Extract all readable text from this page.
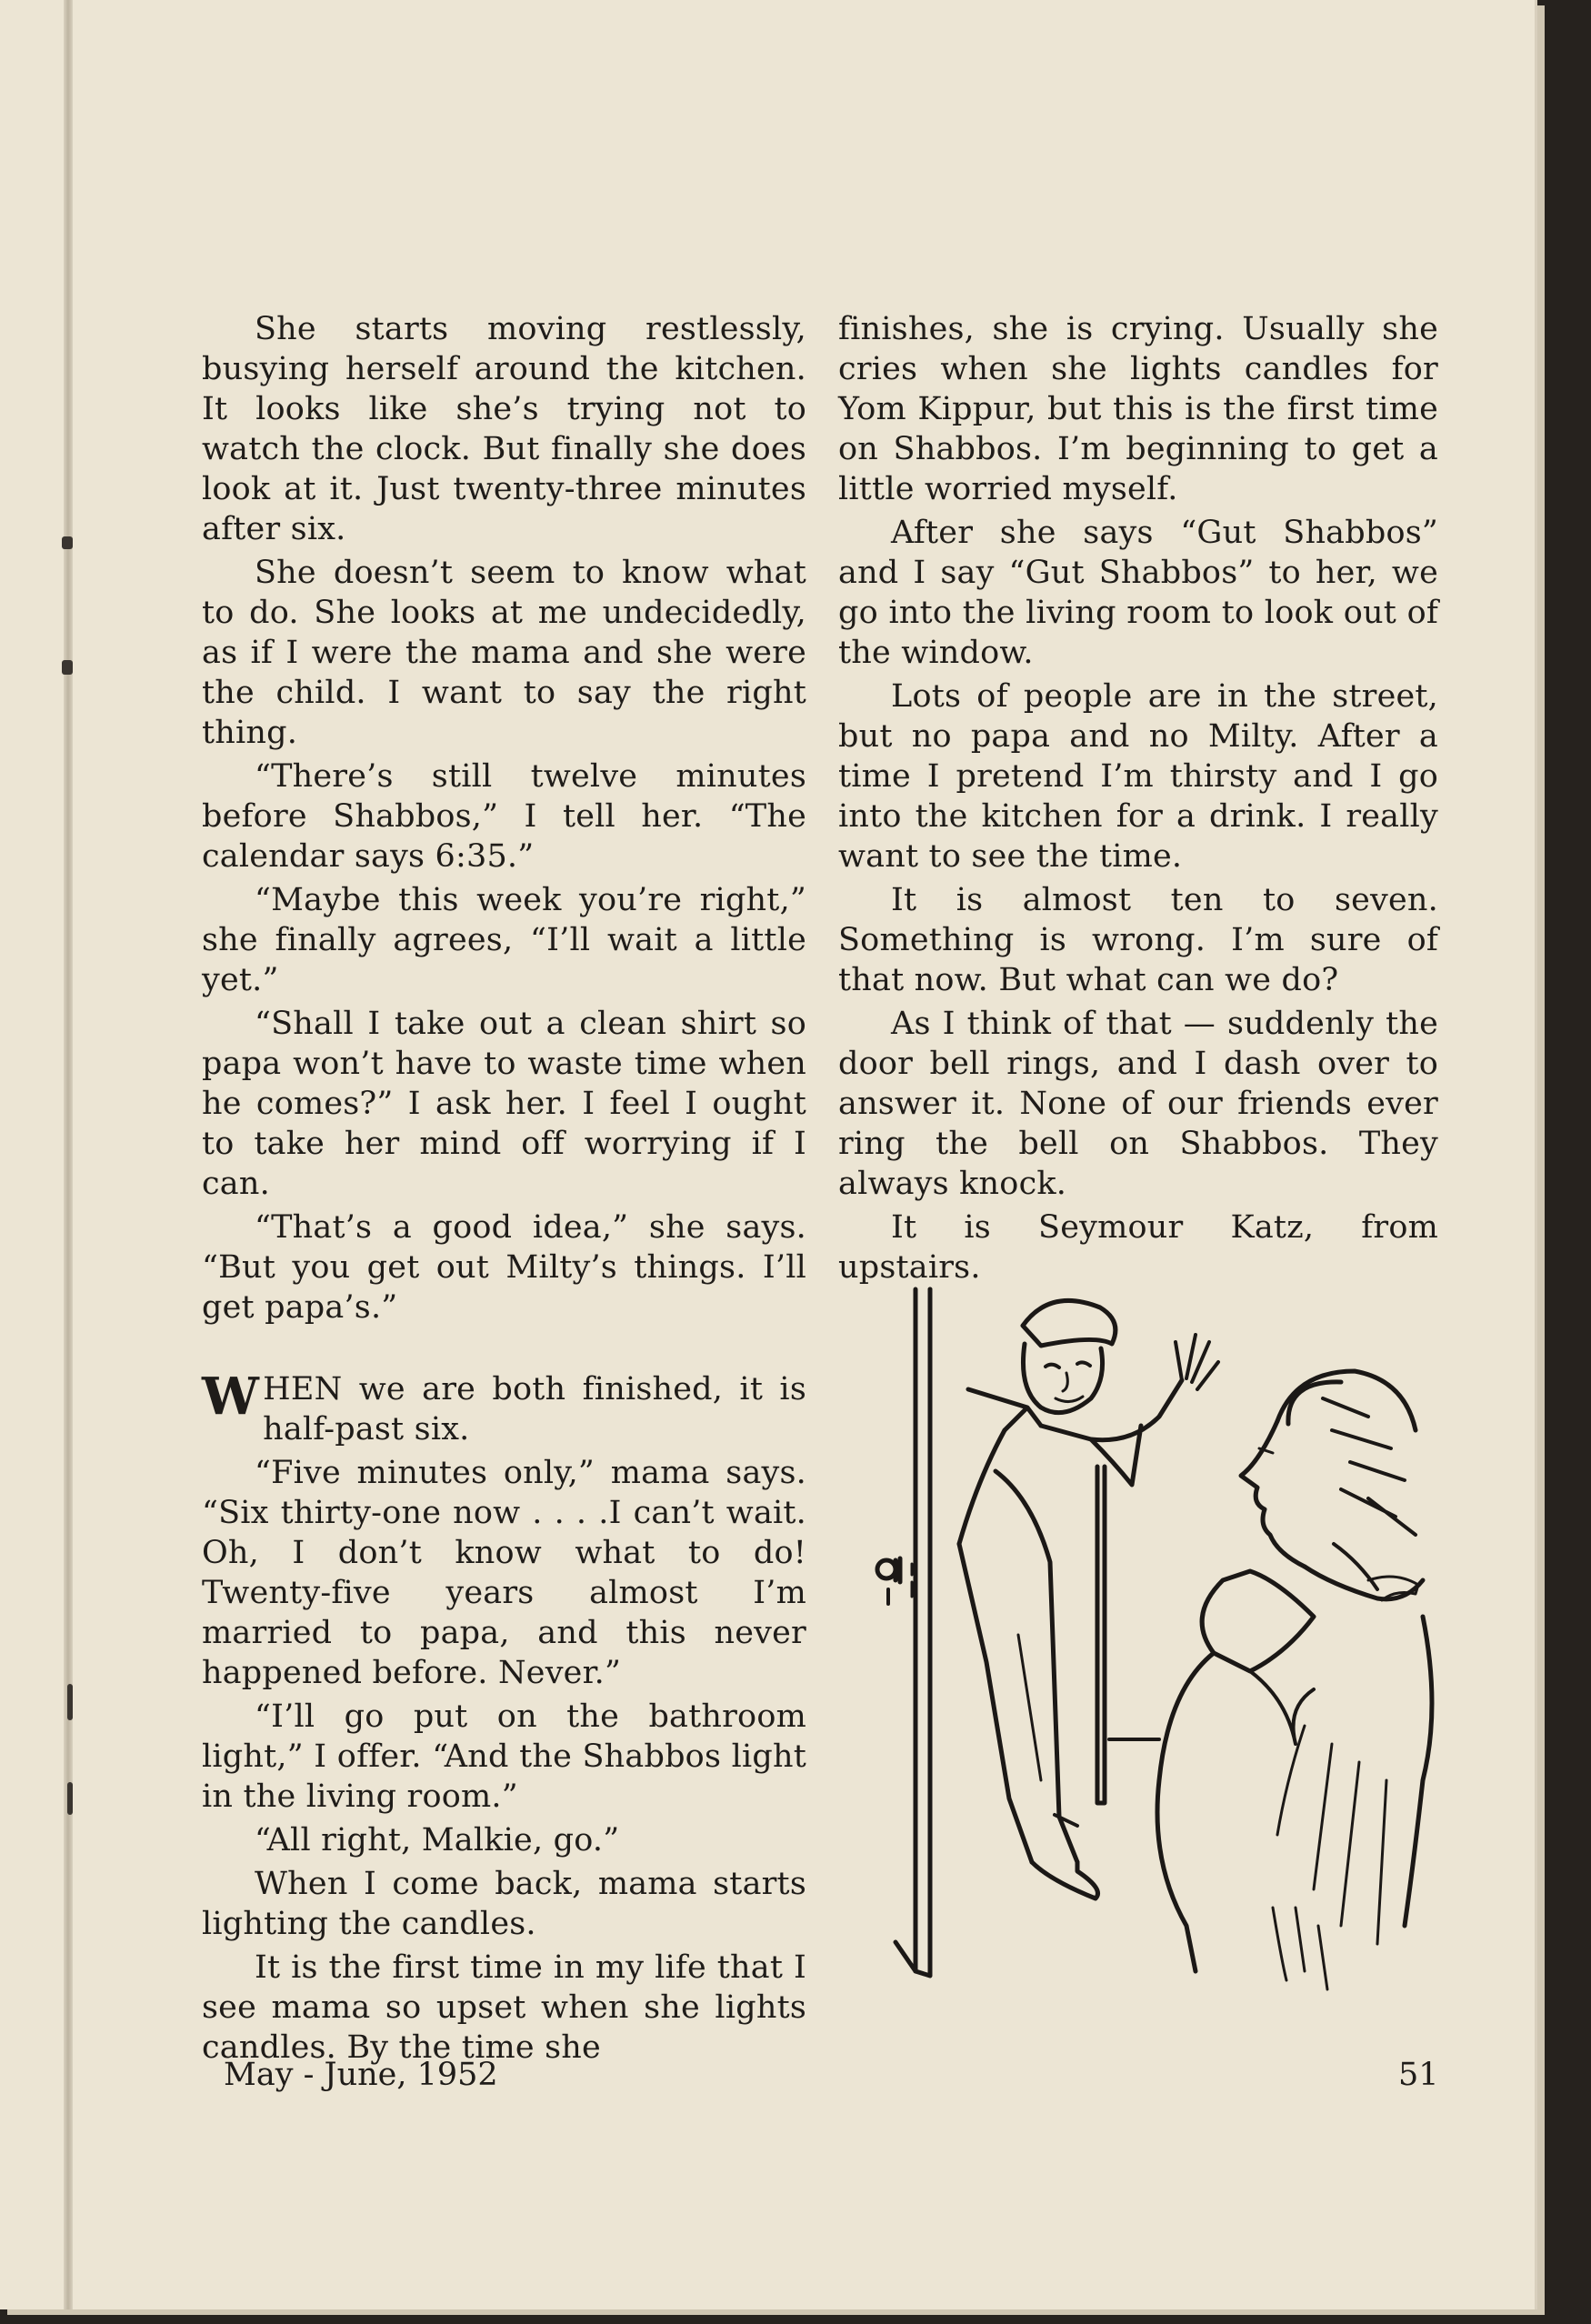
She starts moving restlessly, busying herself around the kitchen. It looks like she’s trying not to watch the clock. But finally she does look at it. Just twenty-three minutes after six.

She doesn’t seem to know what to do. She looks at me undecidedly, as if I were the mama and she were the child. I want to say the right thing.

“There’s still twelve minutes before Shabbos,” I tell her. “The calendar says 6:35.”

“Maybe this week you’re right,” she finally agrees, “I’ll wait a little yet.”

“Shall I take out a clean shirt so papa won’t have to waste time when he comes?” I ask her. I feel I ought to take her mind off worrying if I can.

“That’s a good idea,” she says. “But you get out Milty’s things. I’ll get papa’s.”

WHEN we are both finished, it is half-past six.

“Five minutes only,” mama says. “Six thirty-one now . . . .I can’t wait. Oh, I don’t know what to do! Twenty-five years almost I’m married to papa, and this never happened before. Never.”

“I’ll go put on the bathroom light,” I offer. “And the Shabbos light in the living room.”

“All right, Malkie, go.”

When I come back, mama starts lighting the candles.

It is the first time in my life that I see mama so upset when she lights candles. By the time she

finishes, she is crying. Usually she cries when she lights candles for Yom Kippur, but this is the first time on Shabbos. I’m beginning to get a little worried myself.

After she says “Gut Shabbos” and I say “Gut Shabbos” to her, we go into the living room to look out of the window.

Lots of people are in the street, but no papa and no Milty. After a time I pretend I’m thirsty and I go into the kitchen for a drink. I really want to see the time.

It is almost ten to seven. Something is wrong. I’m sure of that now. But what can we do?

As I think of that — suddenly the door bell rings, and I dash over to answer it. None of our friends ever ring the bell on Shabbos. They always knock.

It is Seymour Katz, from upstairs.

May - June, 1952	51
